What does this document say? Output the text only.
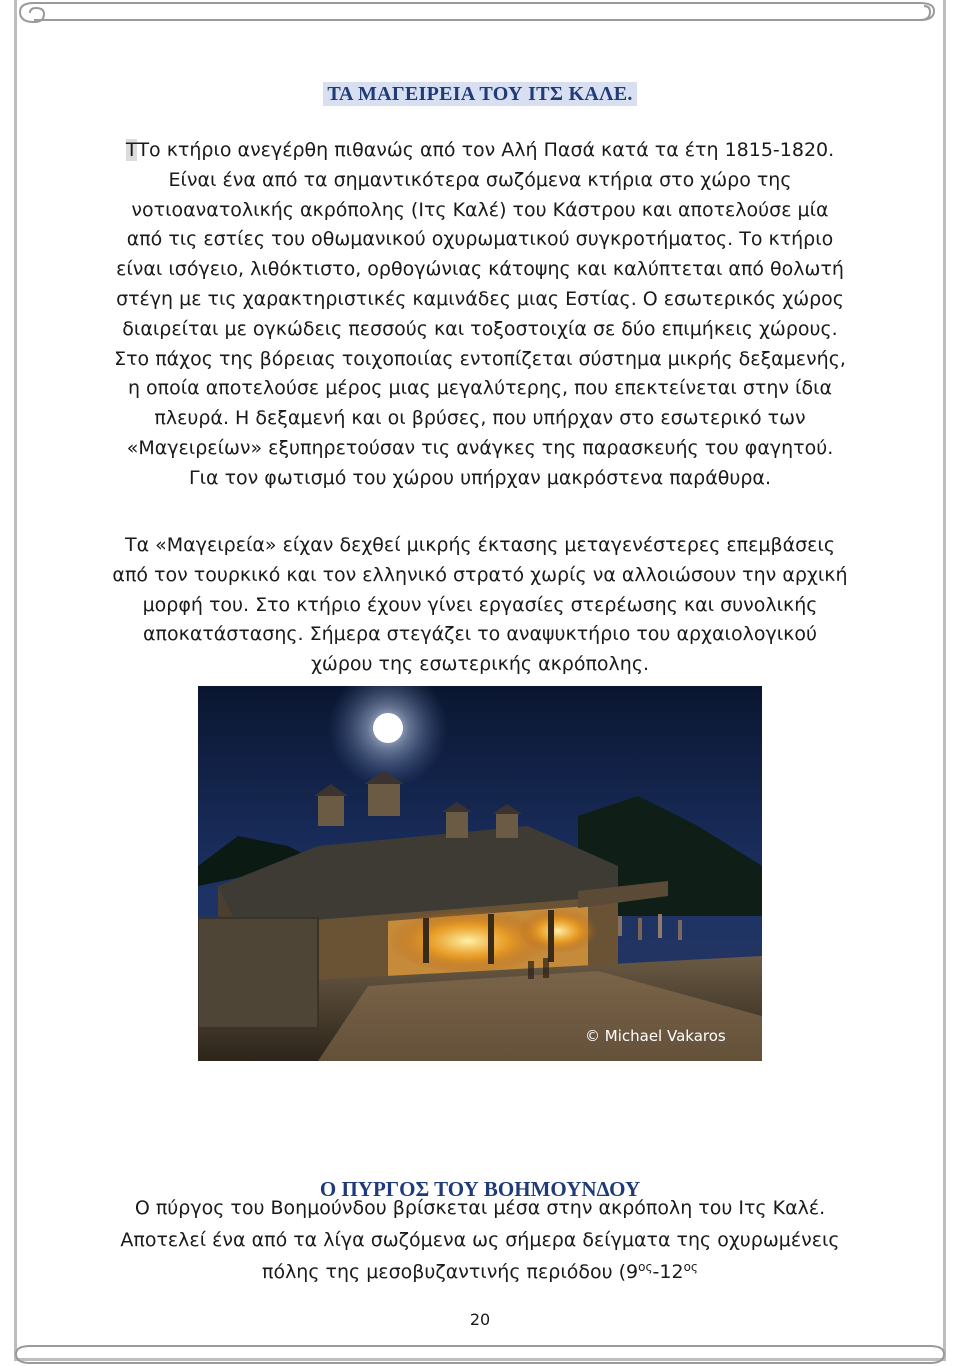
ΤΑ ΜΑΓΕΙΡΕΙΑ ΤΟΥ ΙΤΣ ΚΑΛΕ.

ΤΤο κτήριο ανεγέρθη πιθανώς από τον Αλή Πασά κατά τα έτη 1815-1820. Είναι ένα από τα σημαντικότερα σωζόμενα κτήρια στο χώρο της νοτιοανατολικής ακρόπολης (Ιτς Καλέ) του Κάστρου και αποτελούσε μία από τις εστίες του οθωμανικού οχυρωματικού συγκροτήματος. Το κτήριο είναι ισόγειο, λιθόκτιστο, ορθογώνιας κάτοψης και καλύπτεται από θολωτή στέγη με τις χαρακτηριστικές καμινάδες μιας Εστίας. Ο εσωτερικός χώρος διαιρείται με ογκώδεις πεσσούς και τοξοστοιχία σε δύο επιμήκεις χώρους. Στο πάχος της βόρειας τοιχοποιίας εντοπίζεται σύστημα μικρής δεξαμενής, η οποία αποτελούσε μέρος μιας μεγαλύτερης, που επεκτείνεται στην ίδια πλευρά. Η δεξαμενή και οι βρύσες, που υπήρχαν στο εσωτερικό των «Μαγειρείων» εξυπηρετούσαν τις ανάγκες της παρασκευής του φαγητού. Για τον φωτισμό του χώρου υπήρχαν μακρόστενα παράθυρα.

Τα «Μαγειρεία» είχαν δεχθεί μικρής έκτασης μεταγενέστερες επεμβάσεις από τον τουρκικό και τον ελληνικό στρατό χωρίς να αλλοιώσουν την αρχική μορφή του. Στο κτήριο έχουν γίνει εργασίες στερέωσης και συνολικής αποκατάστασης. Σήμερα στεγάζει το αναψυκτήριο του αρχαιολογικού χώρου της εσωτερικής ακρόπολης.

© Michael Vakaros
Ο ΠΥΡΓΟΣ ΤΟΥ ΒΟΗΜΟΥΝΔΟΥ

Ο πύργος του Βοημούνδου βρίσκεται μέσα στην ακρόπολη του Ιτς Καλέ. Αποτελεί ένα από τα λίγα σωζόμενα ως σήμερα δείγματα της οχυρωμένεις πόλης της μεσοβυζαντινής περιόδου ($9^{o\varsigma}-12^{o\varsigma}$

20
